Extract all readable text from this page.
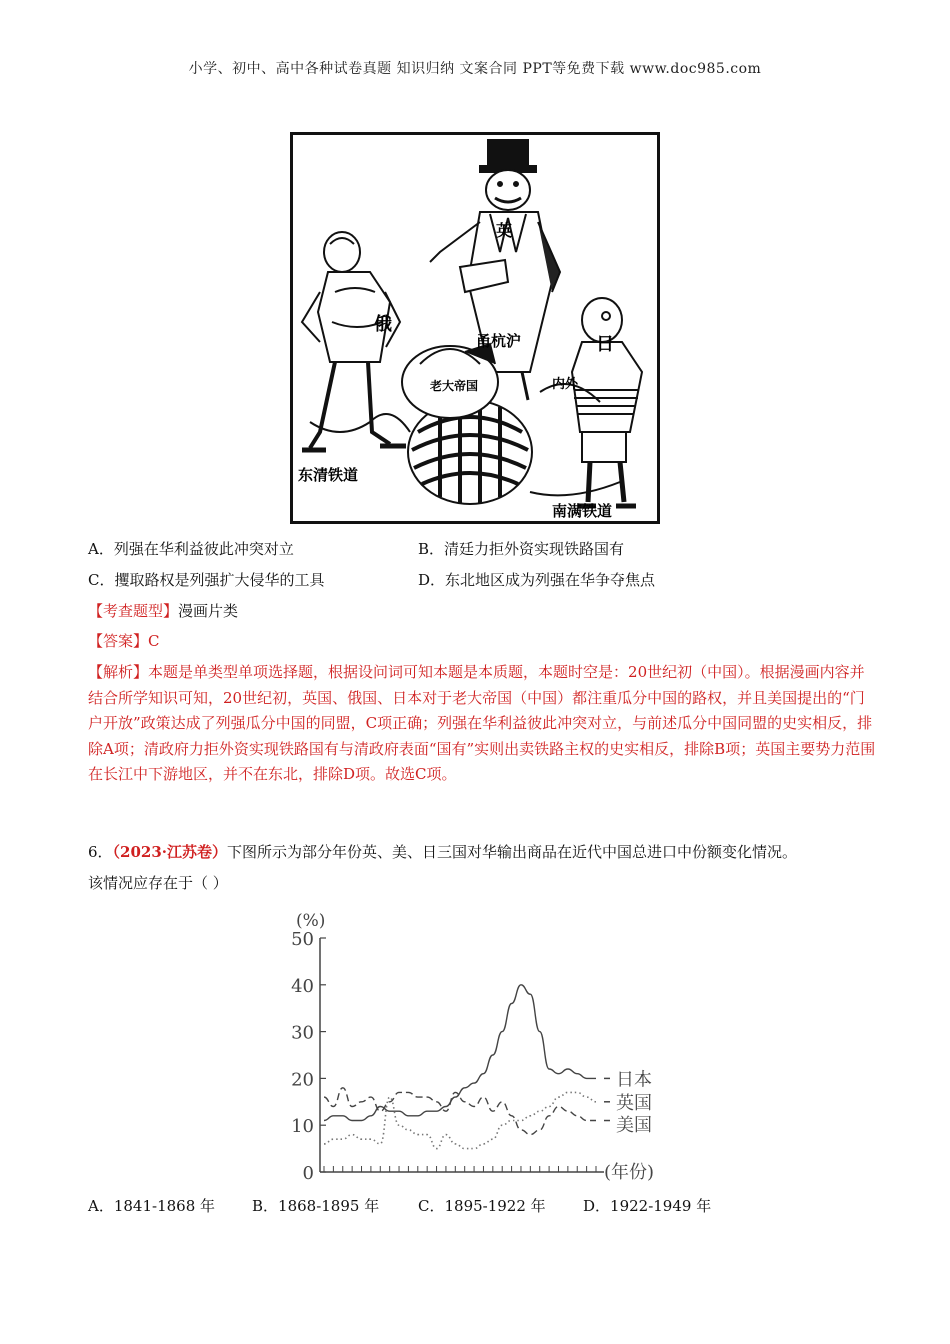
小学、初中、高中各种试卷真题 知识归纳 文案合同 PPT等免费下载 www.doc985.com
俄
日
英
甬杭沪
老大帝国	内外
东清铁道
南满铁道
A．列强在华利益彼此冲突对立	B．清廷力拒外资实现铁路国有
C．攫取路权是列强扩大侵华的工具	D．东北地区成为列强在华争夺焦点
【考查题型】漫画片类
【答案】C
【解析】本题是单类型单项选择题，根据设问词可知本题是本质题，本题时空是：20世纪初（中国）。根据漫画内容并结合所学知识可知，20世纪初，英国、俄国、日本对于老大帝国（中国）都注重瓜分中国的路权，并且美国提出的“门户开放”政策达成了列强瓜分中国的同盟，C项正确；列强在华利益彼此冲突对立，与前述瓜分中国同盟的史实相反，排除A项；清政府力拒外资实现铁路国有与清政府表面“国有”实则出卖铁路主权的史实相反，排除B项；英国主要势力范围在长江中下游地区，并不在东北，排除D项。故选C项。
6．（2023·江苏卷）下图所示为部分年份英、美、日三国对华输出商品在近代中国总进口中份额变化情况。
该情况应存在于（ ）
0
10
20
30
40
50
(%)
(年份)
日本
英国
美国
A．1841-1868 年 B．1868-1895 年	C．1895-1922 年 D．1922-1949 年
